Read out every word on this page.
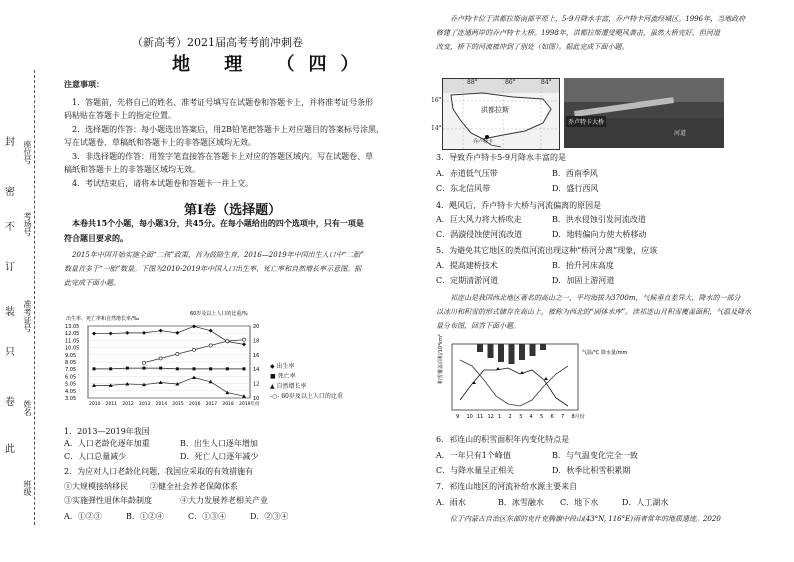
封
密
不
订
装
只
卷
此
座位号
考场号
准考证号
姓名
班级
（新高考）2021届高考考前冲刺卷
地 理 （四）
注意事项：
1．答题前，先将自己的姓名、准考证号填写在试题卷和答题卡上，并将准考证号条形
码粘贴在答题卡上的指定位置。
2．选择题的作答：每小题选出答案后，用2B铅笔把答题卡上对应题目的答案标号涂黑，
写在试题卷、草稿纸和答题卡上的非答题区域均无效。
3．非选择题的作答：用签字笔直接答在答题卡上对应的答题区域内。写在试题卷、草
稿纸和答题卡上的非答题区域均无效。
4．考试结束后，请将本试题卷和答题卡一并上交。
第Ⅰ卷（选择题）
本卷共15个小题，每小题3分，共45分。在每小题给出的四个选项中，只有一项是
符合题目要求的。
2015年中国开始实施全面“二孩”政策，首为鼓励生育，2016—2019年中国出生人口中“二胎”
数量首多于“一胎”数量。下图为2010-2019年中国人口出生率、死亡率和自然增长率示意图。据
此完成下面小题。
出生率、死亡率和自然增长率/‰
60岁及以上人口的比重/%
13.05
12.05
11.05
10.05
9.05
8.05
7.05
6.05
5.05
4.05
3.05
20
18
16
14
12
10
2010 2011 2012 2013 2014 2015 2016 2017 2018 2019年份
◆ 出生率
■ 死亡率
▲ 自然增长率
-○- 60岁及以上人口的比重
1．2013—2019年我国
A．人口老龄化逐年加重	B．出生人口逐年增加
C．人口总量减少	D．死亡人口逐年减少
2．为应对人口老龄化问题，我国应采取的有效措施有
①大规模接纳移民	②健全社会养老保障体系
③实施弹性退休年龄制度	④大力发展养老相关产业
A．①②③	B．①②④	C．①③④	D．②③④
乔卢特卡位于洪都拉斯南部平原上，5-9月降水丰富，乔卢特卡河流经城区。1996年，当地政府
修建了连通两岸的乔卢特卡大桥。1998年，洪都拉斯遭受飓风袭击，虽然大桥完好，但河道
改变，桥下的河流被冲到了别处（如图）。据此完成下面小题。
88°	86°	84°
16°
14°
洪都拉斯
乔卢特卡
乔卢特卡大桥
河道
3．导致乔卢特卡5-9月降水丰富的是
A．赤道低气压带	B．西南季风
C．东北信风带	D．盛行西风
4．飓风后，乔卢特卡大桥与河流偏离的原因是
A．巨大风力将大桥吹走	B．洪水侵蚀引发河流改道
C．涡漩侵蚀使河流改道	D．地转偏向力使大桥移动
5．为避免其它地区的类似河流出现这种“桥河分离”现象，应该
A．提高建桥技术	B．抬升河床高度
C．定期清淤河道	D．加固上游河道
祁连山是我国西北地区著名的高山之一，平均海拔为3700m，气候垂直差异大，降水的一部分
以冰川和积雪的形式储存在高山上，被称为西北的“固体水库”。读祁连山月积雪覆盖面积、气温及降水
量分布图，回答下面小题。
积雪覆盖面积/10⁴km²	气温/℃ 降水量/mm
9 10 11 12 1 2 3 4 5 6 7 8月份
6．祁连山的积雪面积年内变化特点是
A．一年只有1个峰值	B．与气温变化完全一致
C．与降水量呈正相关	D．秋季比积雪积累期
7．祁连山地区的河流补给水源主要来自
A．雨水	B．冰雪融水 C．地下水	D．人工湖水
位于内蒙古自治区东部的克什克腾旗中段山(43°N, 116°E)雨者常年的地质遗迹。2020
